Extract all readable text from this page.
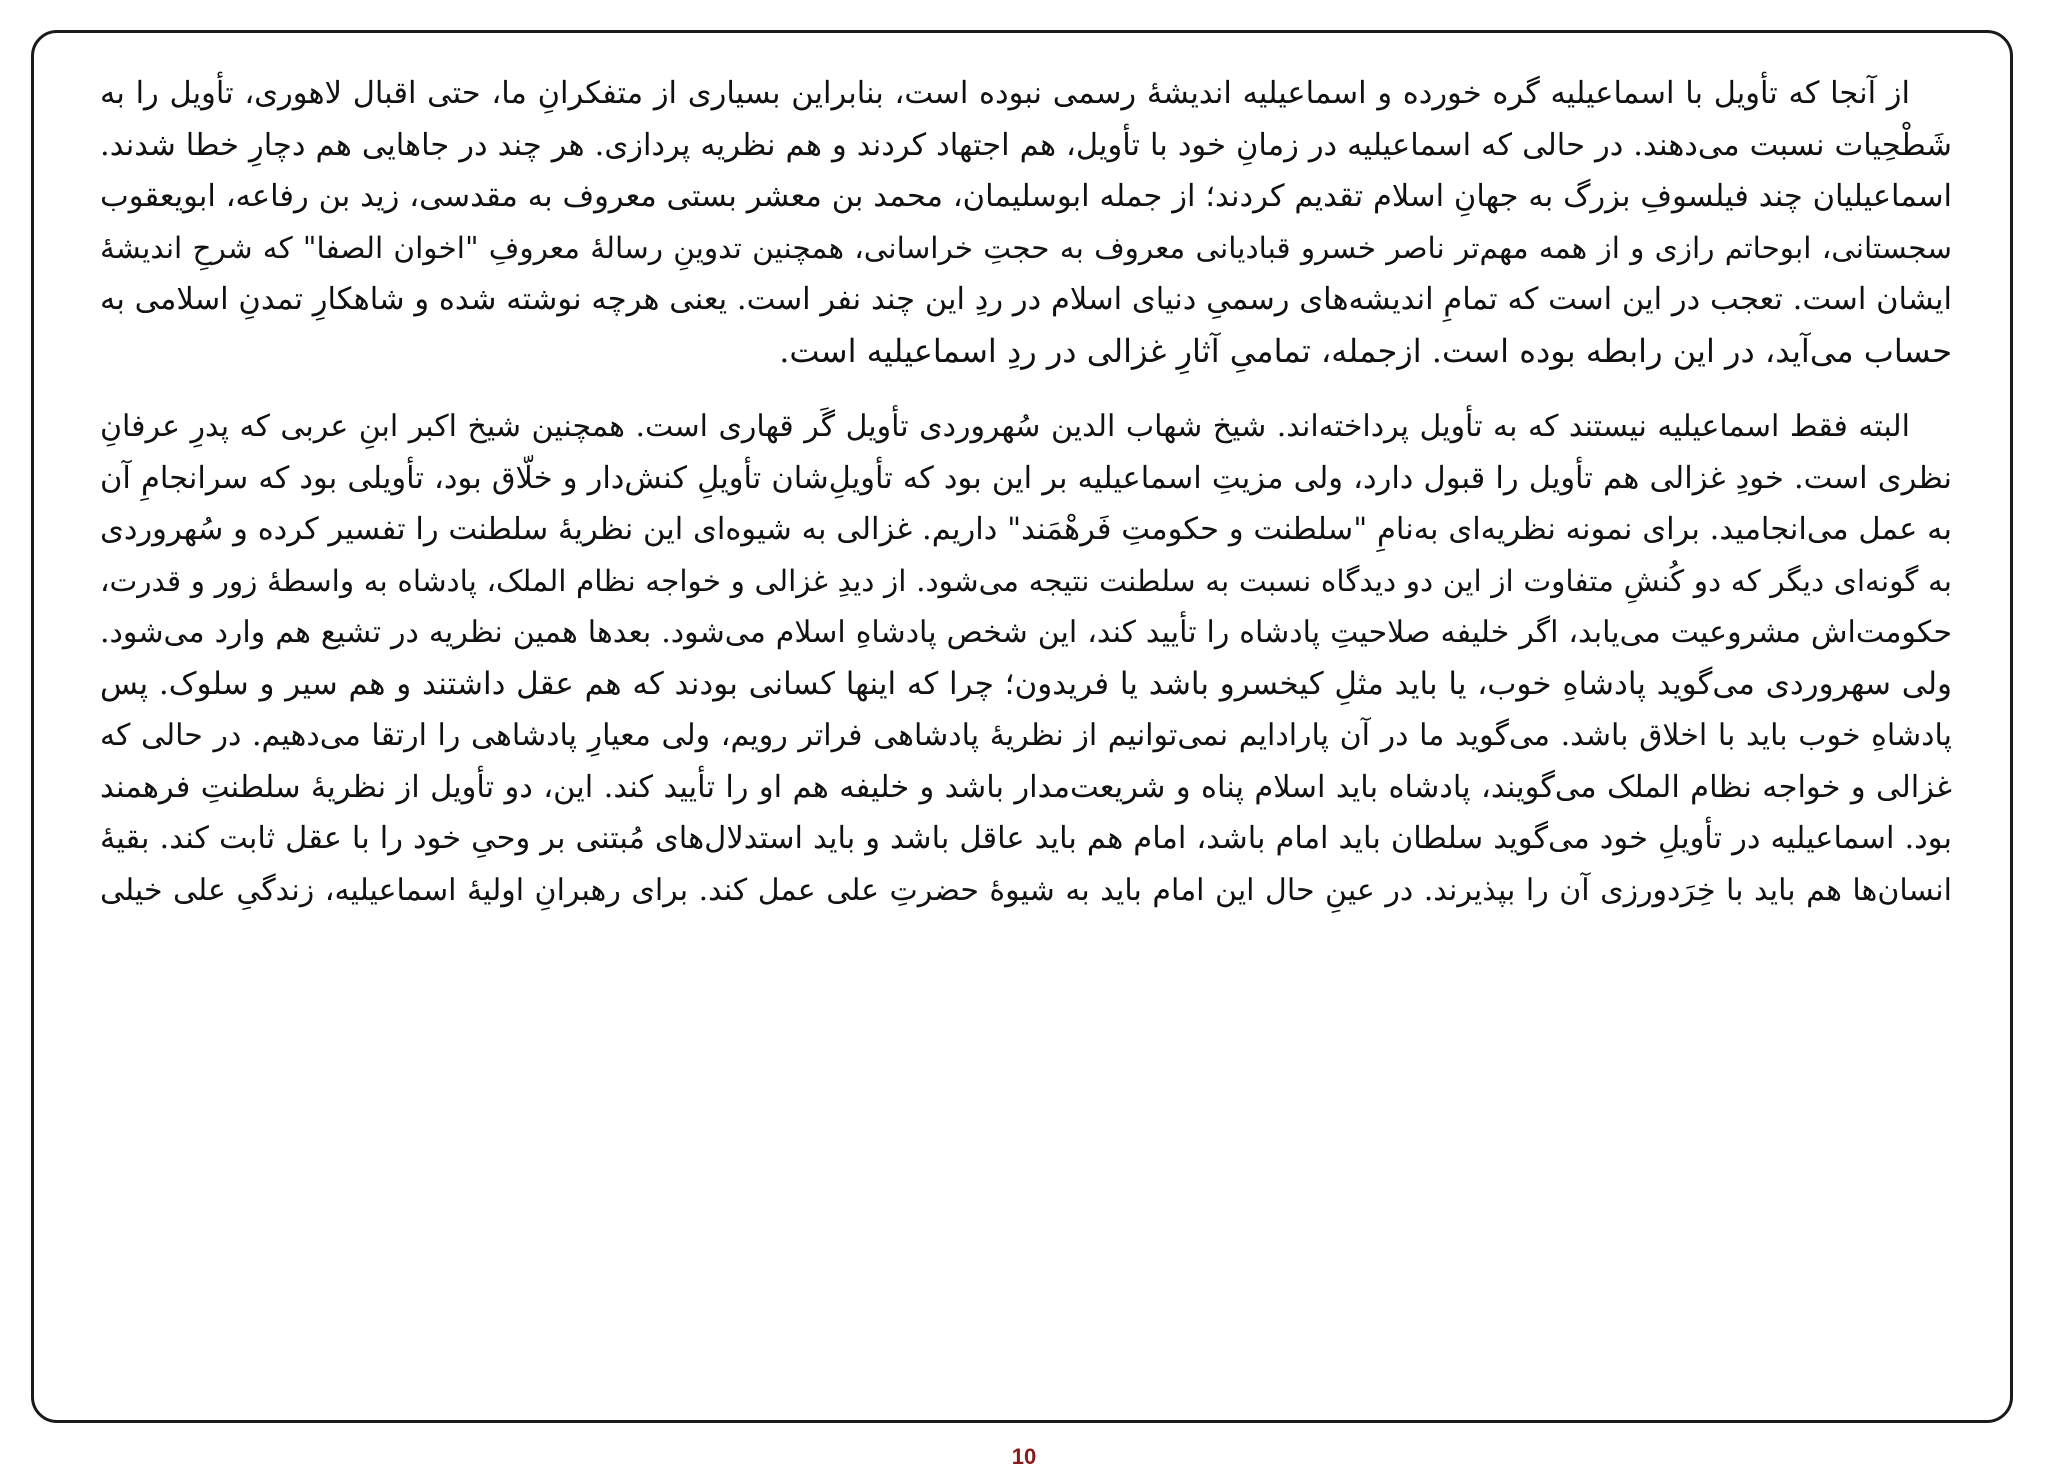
از آنجا که تأویل با اسماعیلیه گره خورده و اسماعیلیه اندیشهٔ رسمی نبوده است، بنابراین بسیاری از متفکرانِ ما، حتی اقبال لاهوری، تأویل را به
شَطْحِیات نسبت می‌دهند. در حالی که اسماعیلیه در زمانِ خود با تأویل، هم اجتهاد کردند و هم نظریه پردازی. هر چند در جاهایی هم دچارِ خطا شدند.
اسماعیلیان چند فیلسوفِ بزرگ به جهانِ اسلام تقدیم کردند؛ از جمله ابوسلیمان، محمد بن معشر بستی معروف به مقدسی، زید بن رفاعه، ابویعقوب
سجستانی، ابوحاتم رازی و از همه مهم‌تر ناصر خسرو قبادیانی معروف به حجتِ خراسانی، همچنین تدوینِ رسالهٔ معروفِ "اخوان الصفا" که شرحِ اندیشهٔ
ایشان است. تعجب در این است که تمامِ اندیشه‌های رسمیِ دنیای اسلام در ردِ این چند نفر است. یعنی هرچه نوشته شده و شاهکارِ تمدنِ اسلامی به
حساب می‌آید، در این رابطه بوده است. ازجمله، تمامیِ آثارِ غزالی در ردِ اسماعیلیه است.
البته فقط اسماعیلیه نیستند که به تأویل پرداخته‌اند. شیخ شهاب الدین سُهروردی تأویل گَر قهاری است. همچنین شیخ اکبر ابنِ عربی که پدرِ عرفانِ
نظری است. خودِ غزالی هم تأویل را قبول دارد، ولی مزیتِ اسماعیلیه بر این بود که تأویلِ‌شان تأویلِ کنش‌دار و خلّاق بود، تأویلی بود که سرانجامِ آن
به عمل می‌انجامید. برای نمونه نظریه‌ای به‌نامِ "سلطنت و حکومتِ فَرهْمَند" داریم. غزالی به شیوه‌ای این نظریهٔ سلطنت را تفسیر کرده و سُهروردی
به گونه‌ای دیگر که دو کُنشِ متفاوت از این دو دیدگاه نسبت به سلطنت نتیجه می‌شود. از دیدِ غزالی و خواجه نظام الملک، پادشاه به واسطهٔ زور و قدرت،
حکومت‌اش مشروعیت می‌یابد، اگر خلیفه صلاحیتِ پادشاه را تأیید کند، این شخص پادشاهِ اسلام می‌شود. بعدها همین نظریه در تشیع هم وارد می‌شود.
ولی سهروردی می‌گوید پادشاهِ خوب، یا باید مثلِ کیخسرو باشد یا فریدون؛ چرا که اینها کسانی بودند که هم عقل داشتند و هم سیر و سلوک. پس
پادشاهِ خوب باید با اخلاق باشد. می‌گوید ما در آن پارادایم نمی‌توانیم از نظریهٔ پادشاهی فراتر رویم، ولی معیارِ پادشاهی را ارتقا می‌دهیم. در حالی که
غزالی و خواجه نظام الملک می‌گویند، پادشاه باید اسلام پناه و شریعت‌مدار باشد و خلیفه هم او را تأیید کند. این، دو تأویل از نظریهٔ سلطنتِ فرهمند
بود. اسماعیلیه در تأویلِ خود می‌گوید سلطان باید امام باشد، امام هم باید عاقل باشد و باید استدلال‌های مُبتنی بر وحیِ خود را با عقل ثابت کند. بقیهٔ
انسان‌ها هم باید با خِرَدورزی آن را بپذیرند. در عینِ حال این امام باید به شیوهٔ حضرتِ علی عمل کند. برای رهبرانِ اولیهٔ اسماعیلیه، زندگیِ علی خیلی
10
